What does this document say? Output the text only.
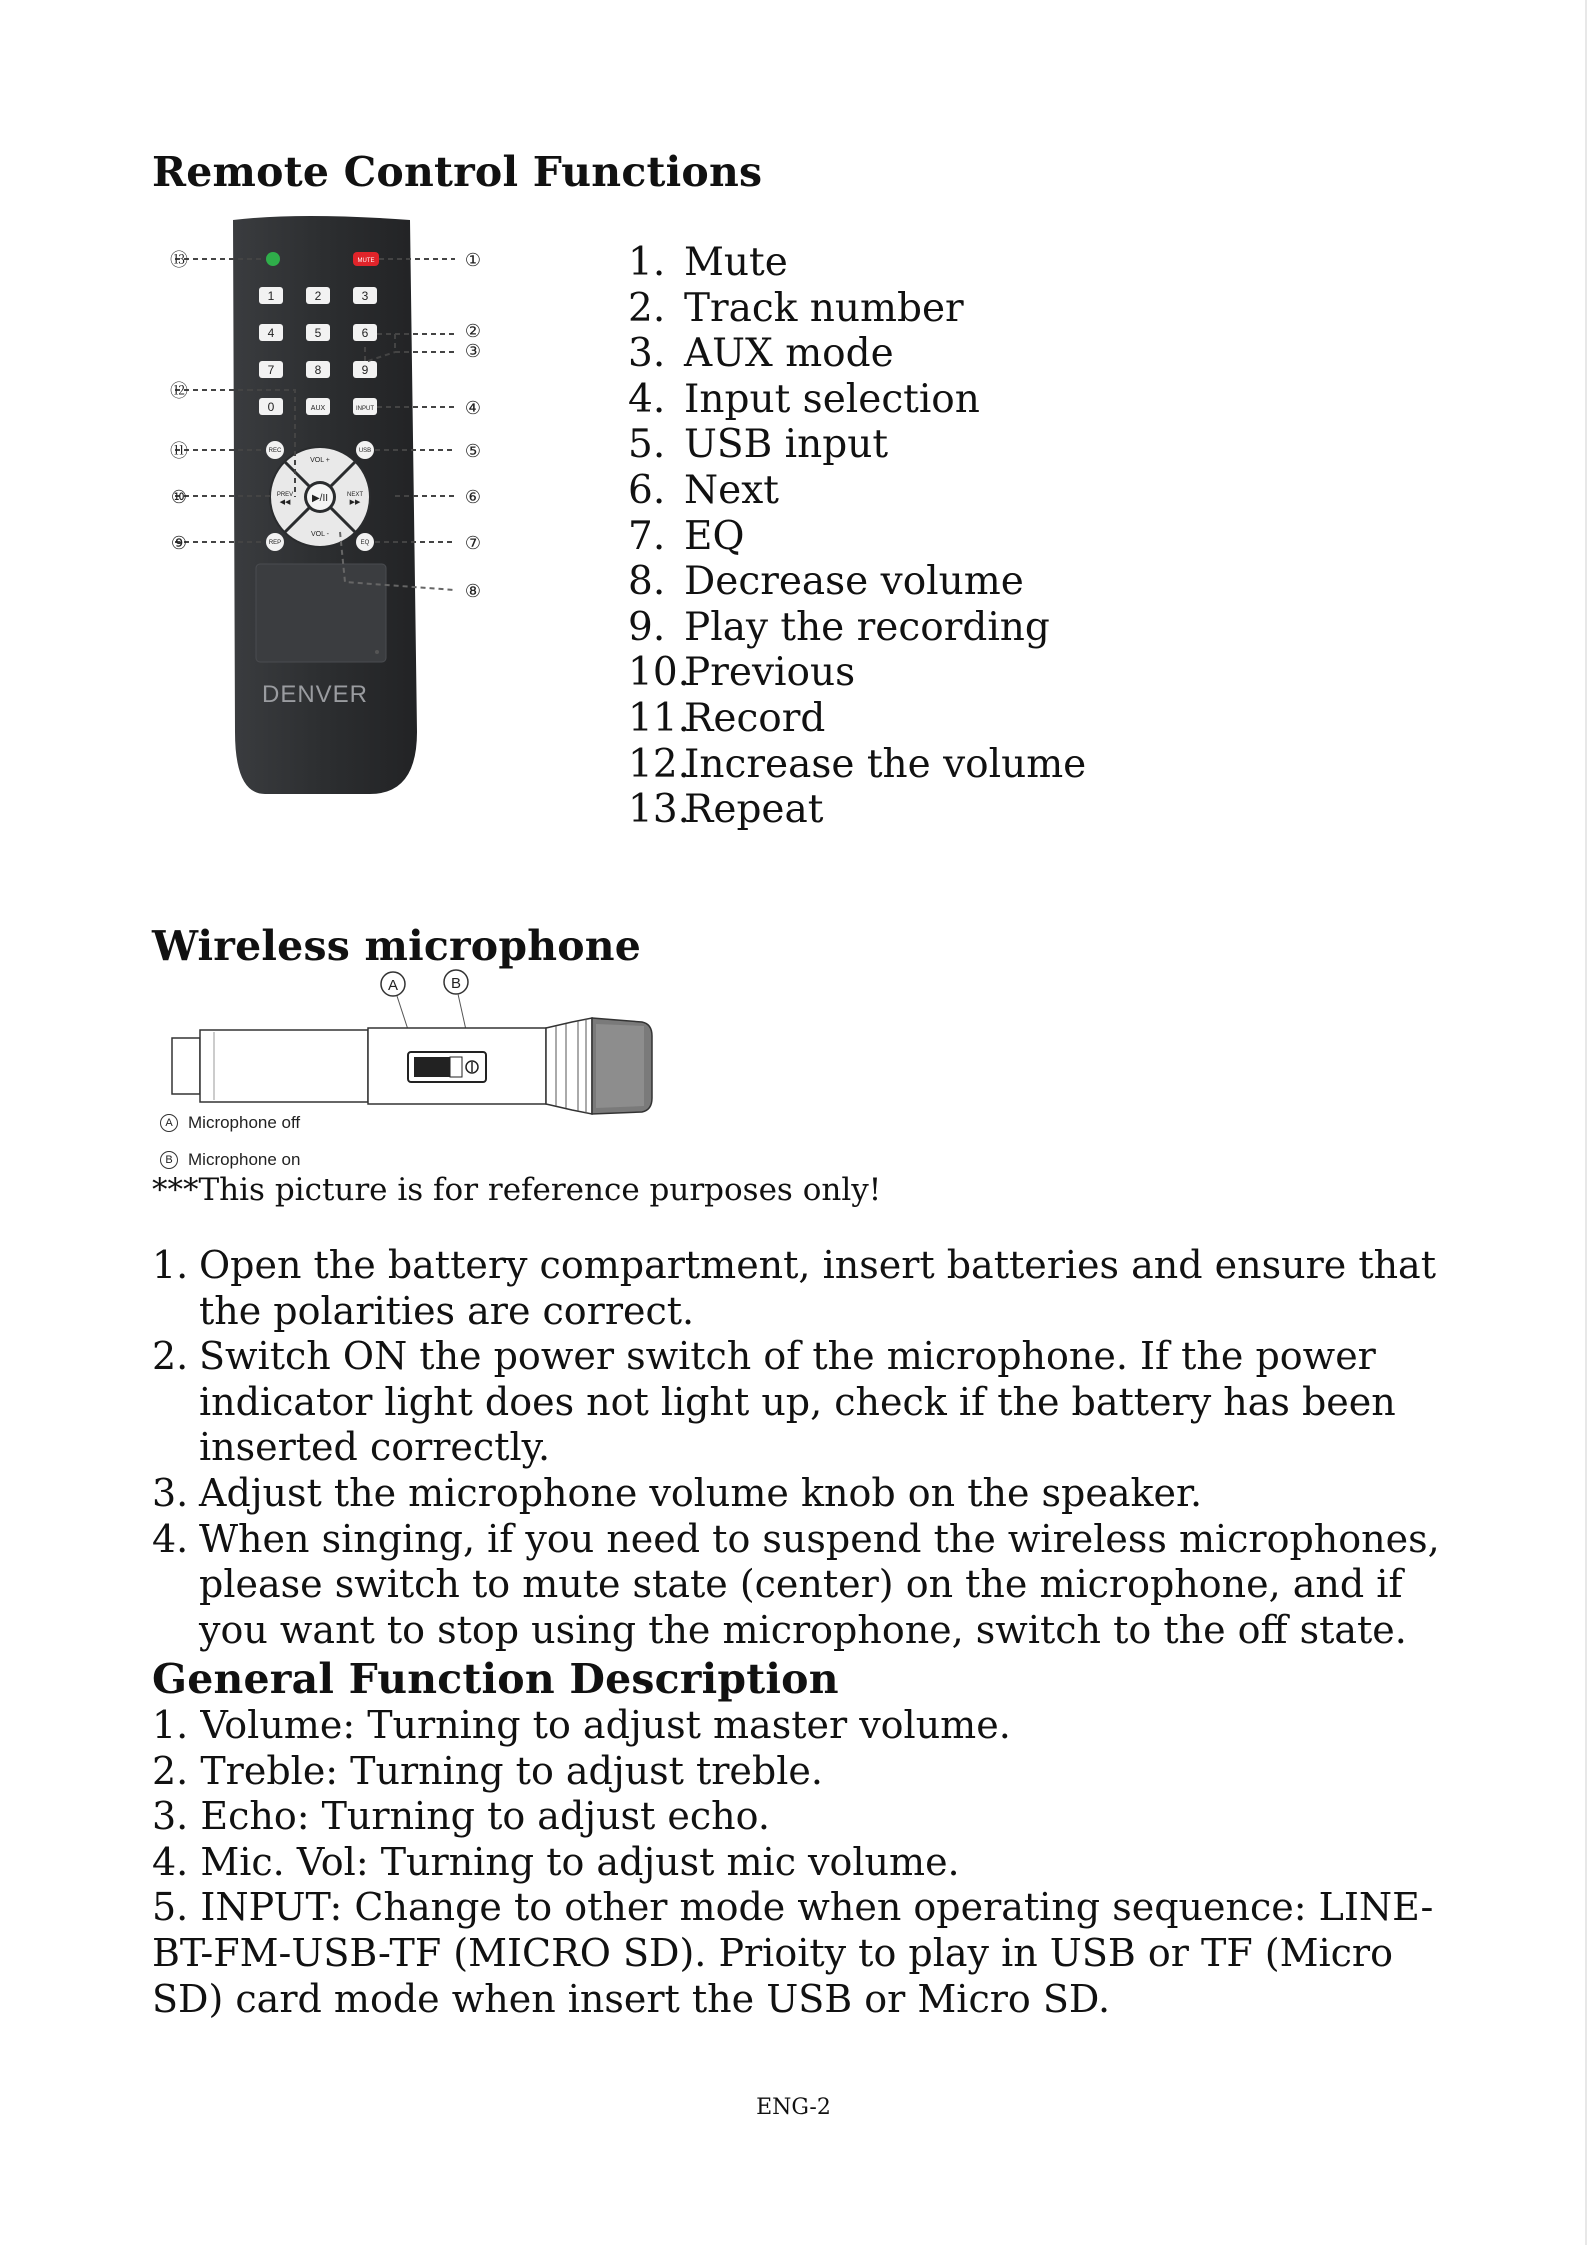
Remote Control Functions
MUTE
1	2	3
4	5	6
7	8	9
0	AUX	INPUT
REC	USB
REP	EQ
▶/II
VOL +
VOL -
PREV
◀◀
NEXT
▶▶
DENVER
①
②
③
④
⑤
⑥
⑦
⑧
⑬
⑫
⑪
⑩
⑨
1. Mute
2. Track number
3. AUX mode
4. Input selection
5. USB input
6. Next
7. EQ
8. Decrease volume
9. Play the recording
10.
Previous
11.
Record
12.
Increase the volume
13.
Repeat
Wireless microphone
A	B
A Microphone off
B Microphone on
***This picture is for reference purposes only!
1. Open the battery compartment, insert batteries and ensure that the polarities are correct.
2. Switch ON the power switch of the microphone. If the power indicator light does not light up, check if the battery has been inserted correctly.
3. Adjust the microphone volume knob on the speaker.
4. When singing, if you need to suspend the wireless microphones, please switch to mute state (center) on the microphone, and if you want to stop using the microphone, switch to the off state.
General Function Description
1. Volume: Turning to adjust master volume.
2. Treble: Turning to adjust treble.
3. Echo: Turning to adjust echo.
4. Mic. Vol: Turning to adjust mic volume.
5. INPUT: Change to other mode when operating sequence: LINE-BT-FM-USB-TF (MICRO SD). Prioity to play in USB or TF (Micro SD) card mode when insert the USB or Micro SD.
ENG-2
